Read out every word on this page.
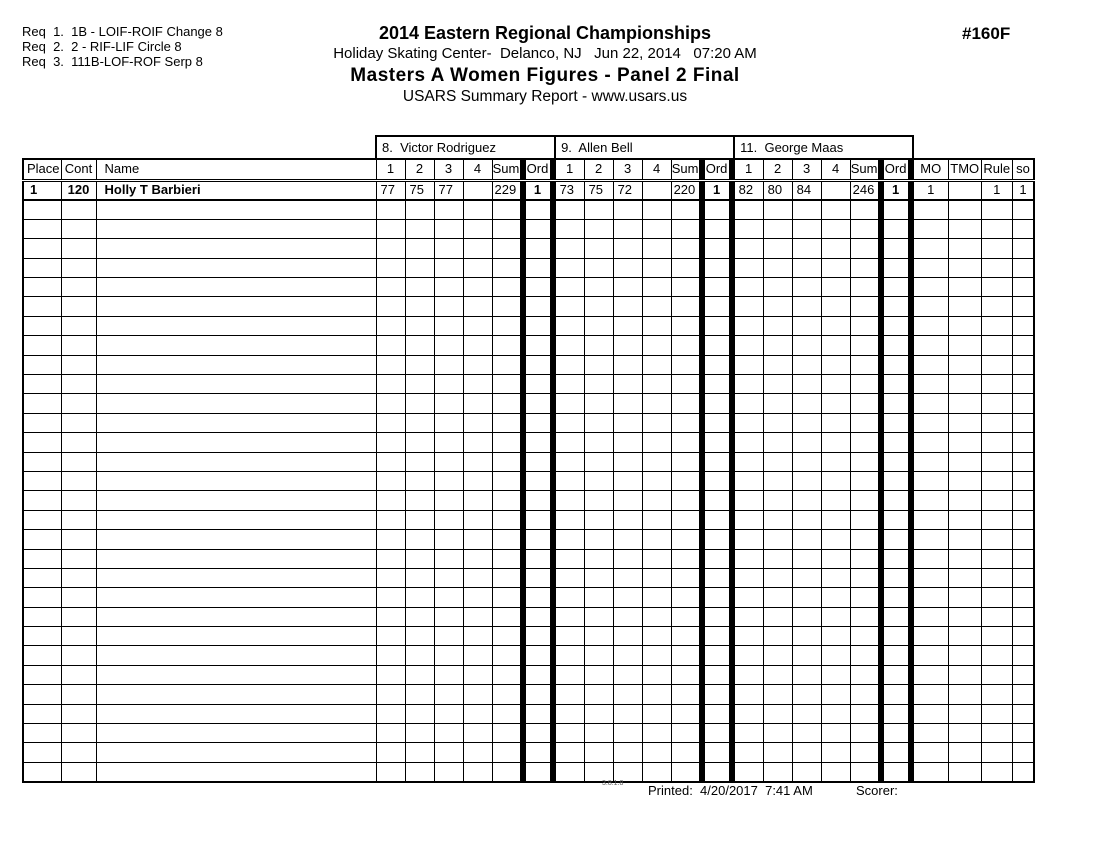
Req  1.  1B - LOIF-ROIF Change 8
Req  2.  2 - RIF-LIF Circle 8
Req  3.  111B-LOF-ROF Serp 8
2014 Eastern Regional Championships
Holiday Skating Center-  Delanco, NJ   Jun 22, 2014   07:20 AM
Masters A Women Figures - Panel 2 Final
USARS Summary Report - www.usars.us
#160F
			8.  Victor Rodriguez								9.  Allen Bell								11.  George Maas											
Place	Cont	Name	1	2	3	4	Sum		Ord		1	2	3	4	Sum		Ord		1	2	3	4	Sum		Ord		MO	TMO	Rule	so
1	120	Holly T Barbieri	77	75	77		229		1		73	75	72		220		1		82	80	84		246		1		1		1	1

3.8.1.8 Printed:  4/20/2017  7:41 AM	Scorer:
